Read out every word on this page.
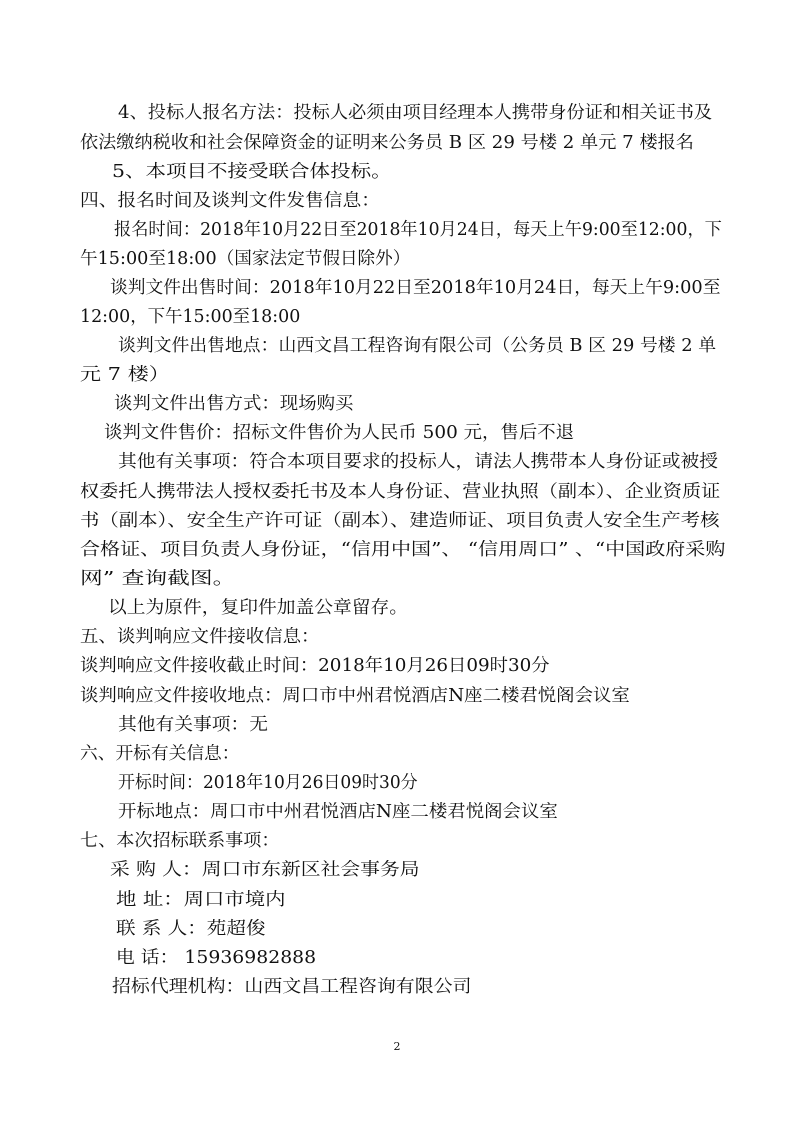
4、投标人报名方法：投标人必须由项目经理本人携带身份证和相关证书及
依法缴纳税收和社会保障资金的证明来公务员 B 区 29 号楼 2 单元 7 楼报名
5、本项目不接受联合体投标。
四、报名时间及谈判文件发售信息：
报名时间：2018年10月22日至2018年10月24日，每天上午9:00至12:00，下
午15:00至18:00（国家法定节假日除外）
谈判文件出售时间：2018年10月22日至2018年10月24日，每天上午9:00至
12:00，下午15:00至18:00
谈判文件出售地点：山西文昌工程咨询有限公司（公务员 B 区 29 号楼 2 单
元 7 楼）
谈判文件出售方式：现场购买
谈判文件售价：招标文件售价为人民币 500 元，售后不退
其他有关事项：符合本项目要求的投标人，请法人携带本人身份证或被授
权委托人携带法人授权委托书及本人身份证、营业执照（副本）、企业资质证
书（副本）、安全生产许可证（副本）、建造师证、项目负责人安全生产考核
合格证、项目负责人身份证，“信用中国”、 “信用周口” 、“中国政府采购
网” 查询截图。
以上为原件，复印件加盖公章留存。
五、谈判响应文件接收信息：
谈判响应文件接收截止时间：2018年10月26日09时30分
谈判响应文件接收地点：周口市中州君悦酒店N座二楼君悦阁会议室
其他有关事项：无
六、开标有关信息：
开标时间：2018年10月26日09时30分
开标地点：周口市中州君悦酒店N座二楼君悦阁会议室
七、本次招标联系事项：
采 购 人：周口市东新区社会事务局
地 址：周口市境内
联 系 人：苑超俊
电 话： 15936982888
招标代理机构：山西文昌工程咨询有限公司
2
